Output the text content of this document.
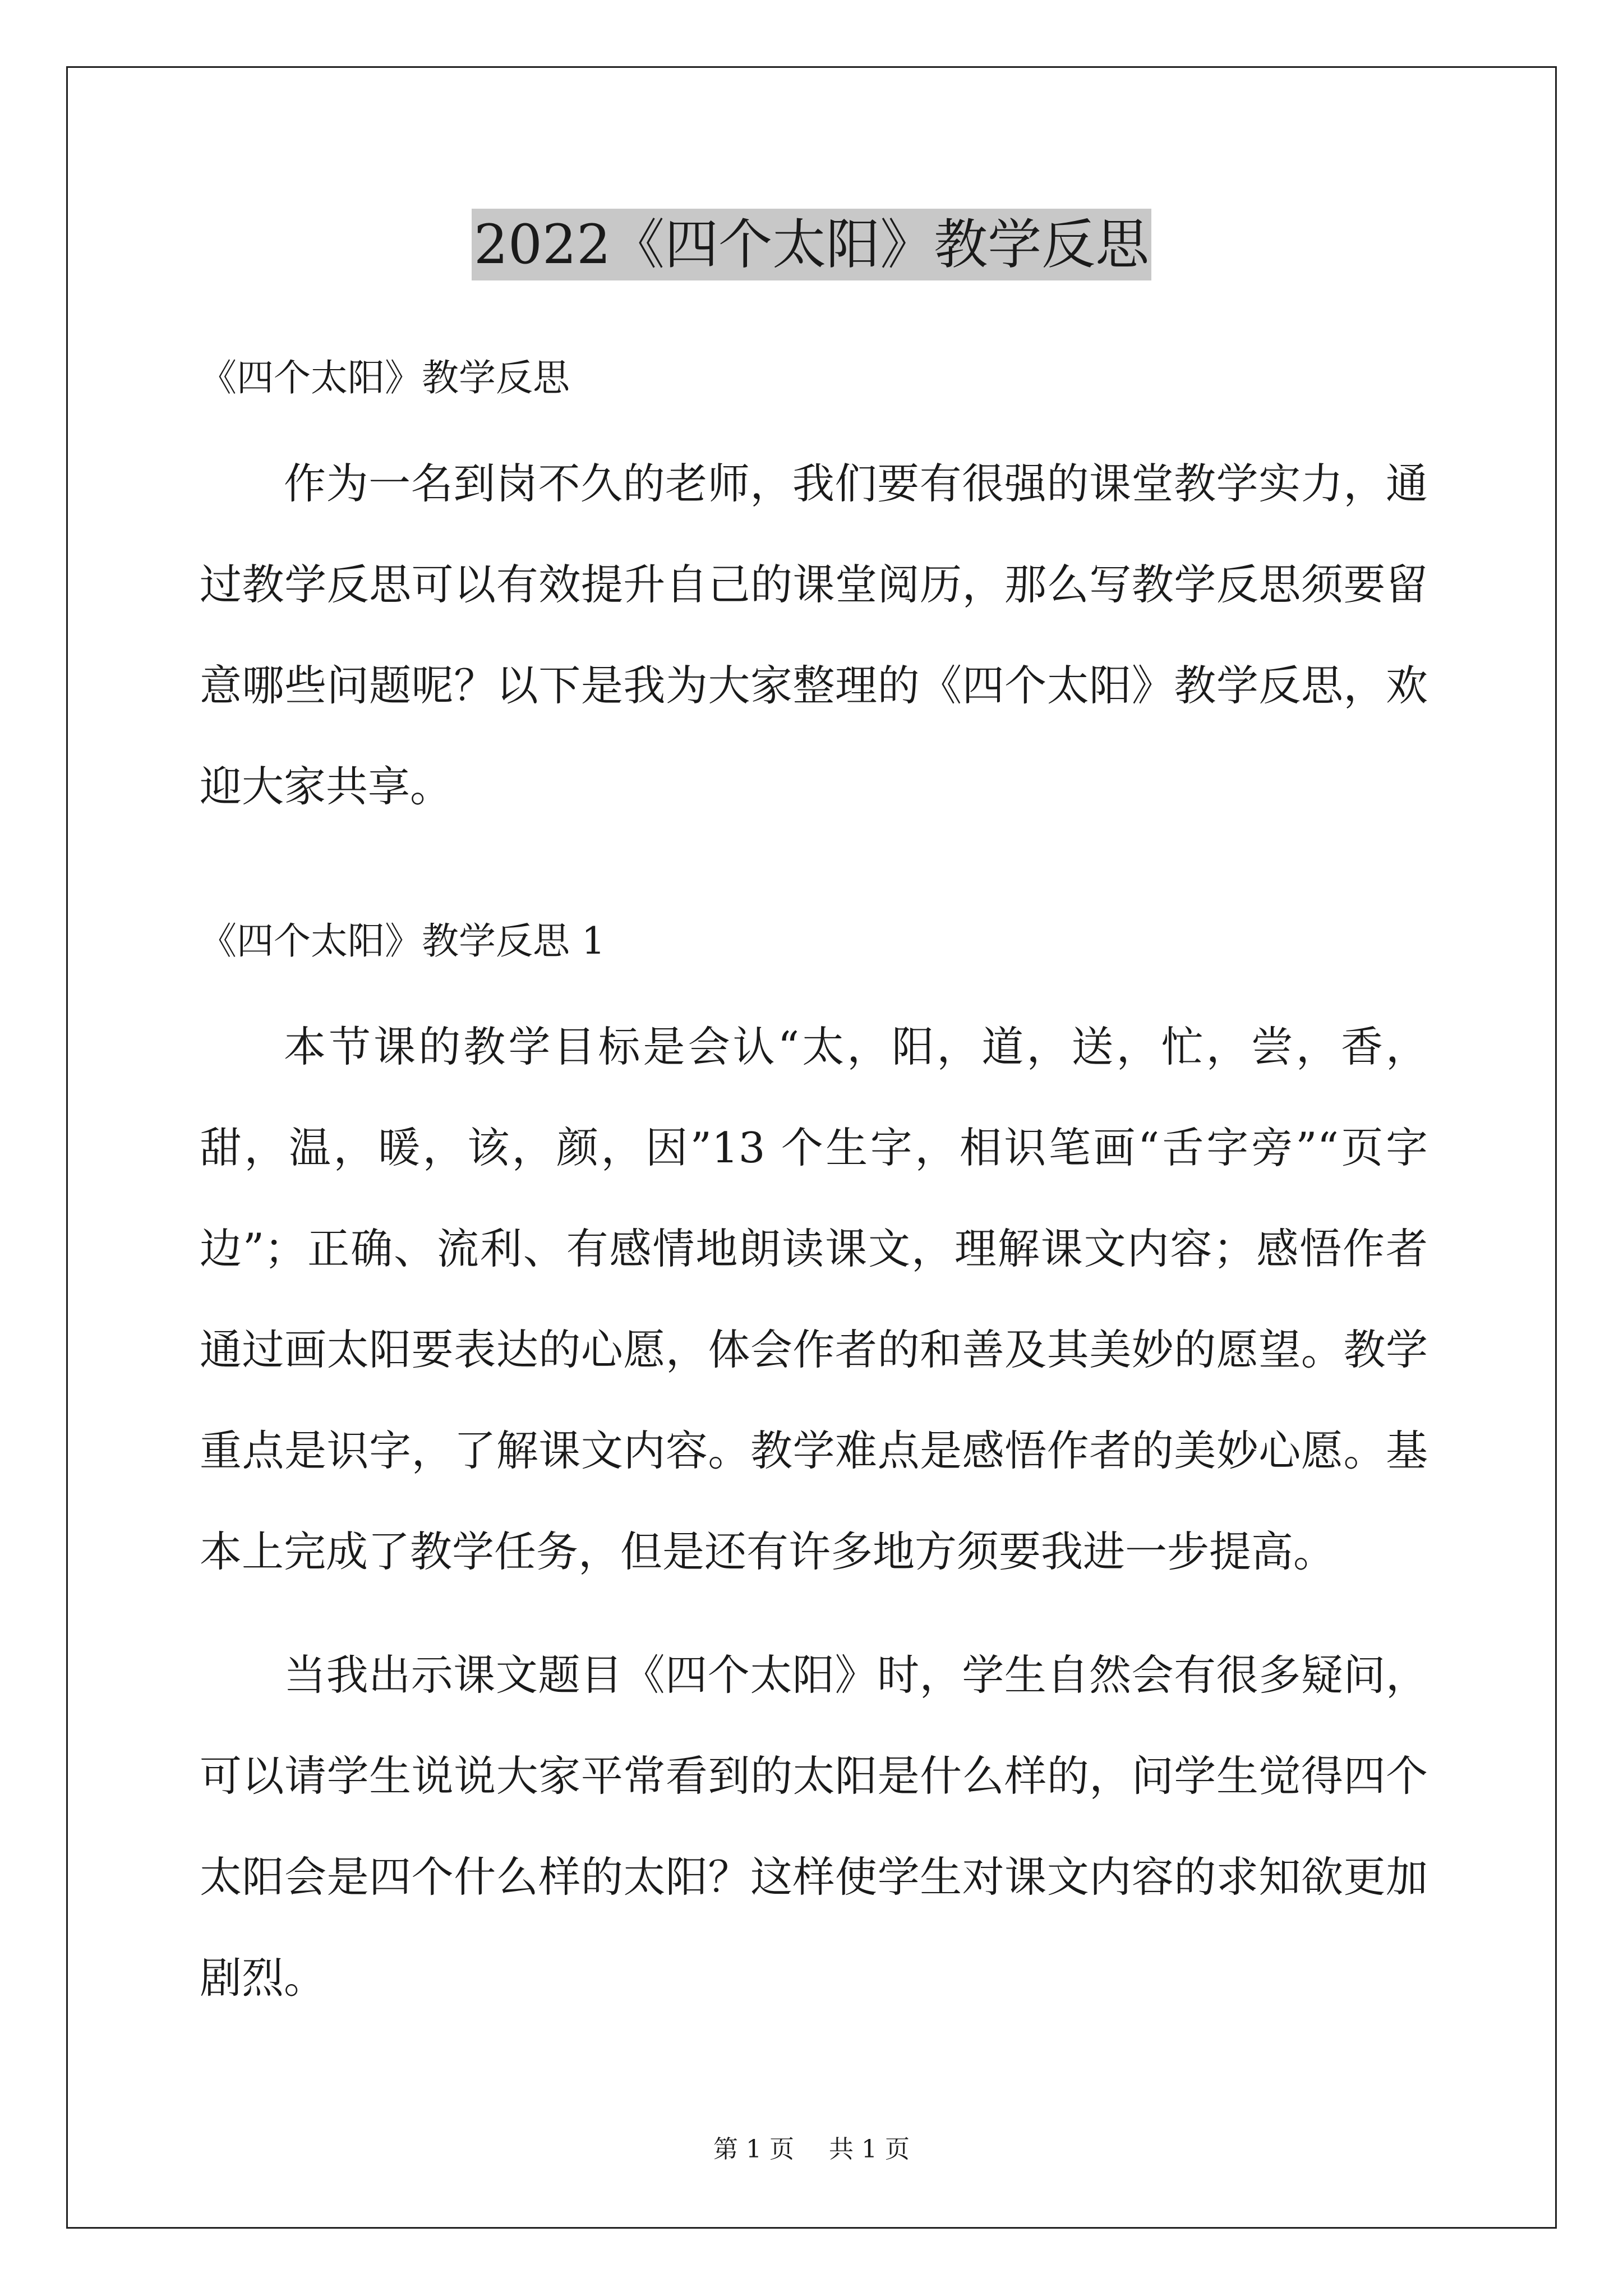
2022《四个太阳》教学反思

《四个太阳》教学反思

作为一名到岗不久的老师，我们要有很强的课堂教学实力，通过教学反思可以有效提升自己的课堂阅历，那么写教学反思须要留意哪些问题呢？以下是我为大家整理的《四个太阳》教学反思，欢迎大家共享。

《四个太阳》教学反思 1

本节课的教学目标是会认“太，阳，道，送，忙，尝，香，甜，温，暖，该，颜，因”13 个生字，相识笔画“舌字旁”“页字边”；正确、流利、有感情地朗读课文，理解课文内容；感悟作者通过画太阳要表达的心愿，体会作者的和善及其美妙的愿望。教学重点是识字，了解课文内容。教学难点是感悟作者的美妙心愿。基本上完成了教学任务，但是还有许多地方须要我进一步提高。

当我出示课文题目《四个太阳》时，学生自然会有很多疑问，可以请学生说说大家平常看到的太阳是什么样的，问学生觉得四个太阳会是四个什么样的太阳？这样使学生对课文内容的求知欲更加剧烈。

第 1 页 共 1 页
